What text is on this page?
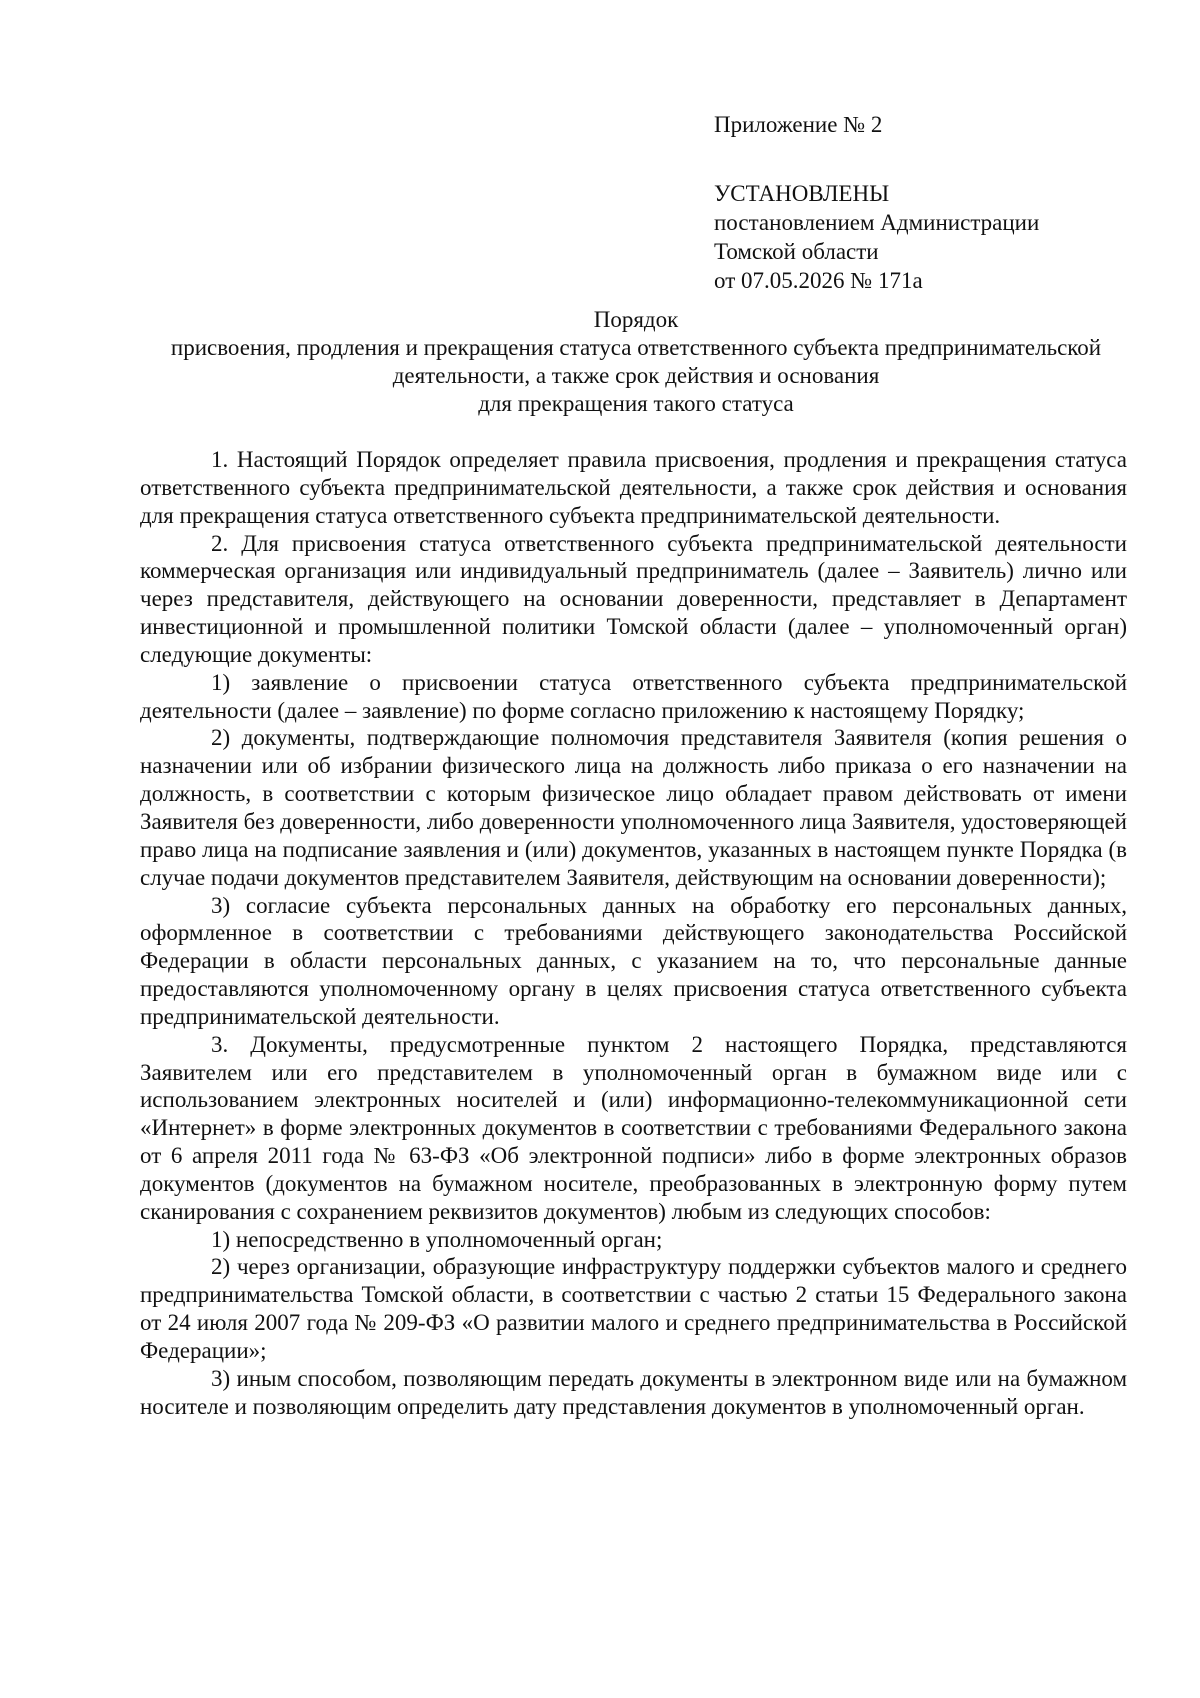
Приложение № 2
УСТАНОВЛЕНЫ
постановлением Администрации
Томской области
от 07.05.2026 № 171а
Порядок
присвоения, продления и прекращения статуса ответственного субъекта предпринимательской
деятельности, а также срок действия и основания
для прекращения такого статуса

1. Настоящий Порядок определяет правила присвоения, продления и прекращения статуса ответственного субъекта предпринимательской деятельности, а также срок действия и основания для прекращения статуса ответственного субъекта предпринимательской деятельности.

2. Для присвоения статуса ответственного субъекта предпринимательской деятельности коммерческая организация или индивидуальный предприниматель (далее – Заявитель) лично или через представителя, действующего на основании доверенности, представляет в Департамент инвестиционной и промышленной политики Томской области (далее – уполномоченный орган) следующие документы:

1) заявление о присвоении статуса ответственного субъекта предпринимательской деятельности (далее – заявление) по форме согласно приложению к настоящему Порядку;

2) документы, подтверждающие полномочия представителя Заявителя (копия решения о назначении или об избрании физического лица на должность либо приказа о его назначении на должность, в соответствии с которым физическое лицо обладает правом действовать от имени Заявителя без доверенности, либо доверенности уполномоченного лица Заявителя, удостоверяющей право лица на подписание заявления и (или) документов, указанных в настоящем пункте Порядка (в случае подачи документов представителем Заявителя, действующим на основании доверенности);

3) согласие субъекта персональных данных на обработку его персональных данных, оформленное в соответствии с требованиями действующего законодательства Российской Федерации в области персональных данных, с указанием на то, что персональные данные предоставляются уполномоченному органу в целях присвоения статуса ответственного субъекта предпринимательской деятельности.

3. Документы, предусмотренные пунктом 2 настоящего Порядка, представляются Заявителем или его представителем в уполномоченный орган в бумажном виде или с использованием электронных носителей и (или) информационно-телекоммуникационной сети «Интернет» в форме электронных документов в соответствии с требованиями Федерального закона от 6 апреля 2011 года № 63-ФЗ «Об электронной подписи» либо в форме электронных образов документов (документов на бумажном носителе, преобразованных в электронную форму путем сканирования с сохранением реквизитов документов) любым из следующих способов:

1) непосредственно в уполномоченный орган;

2) через организации, образующие инфраструктуру поддержки субъектов малого и среднего предпринимательства Томской области, в соответствии с частью 2 статьи 15 Федерального закона от 24 июля 2007 года № 209-ФЗ «О развитии малого и среднего предпринимательства в Российской Федерации»;

3) иным способом, позволяющим передать документы в электронном виде или на бумажном носителе и позволяющим определить дату представления документов в уполномоченный орган.
